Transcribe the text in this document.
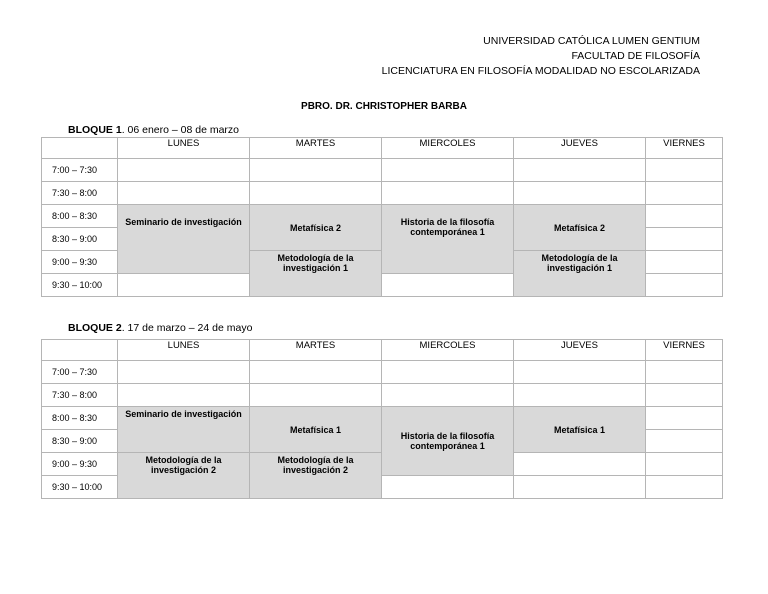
UNIVERSIDAD CATÓLICA LUMEN GENTIUM
FACULTAD DE FILOSOFÍA
LICENCIATURA EN FILOSOFÍA MODALIDAD NO ESCOLARIZADA
PBRO. DR. CHRISTOPHER BARBA
BLOQUE 1. 06 enero – 08 de marzo
	LUNES	MARTES	MIERCOLES	JUEVES	VIERNES
7:00 – 7:30					
7:30 – 8:00					
8:00 – 8:30	Seminario de investigación	Metafísica 2	Historia de la filosofía contemporánea 1	Metafísica 2	
8:30 – 9:00					
9:00 – 9:30		Metodología de la investigación 1		Metodología de la investigación 1	
9:30 – 10:00					
BLOQUE 2. 17 de marzo – 24 de mayo
	LUNES	MARTES	MIERCOLES	JUEVES	VIERNES
7:00 – 7:30					
7:30 – 8:00					
8:00 – 8:30	Seminario de investigación	Metafísica 1	Historia de la filosofía contemporánea 1	Metafísica 1	
8:30 – 9:00					
9:00 – 9:30	Metodología de la investigación 2	Metodología de la investigación 2			
9:30 – 10:00					
